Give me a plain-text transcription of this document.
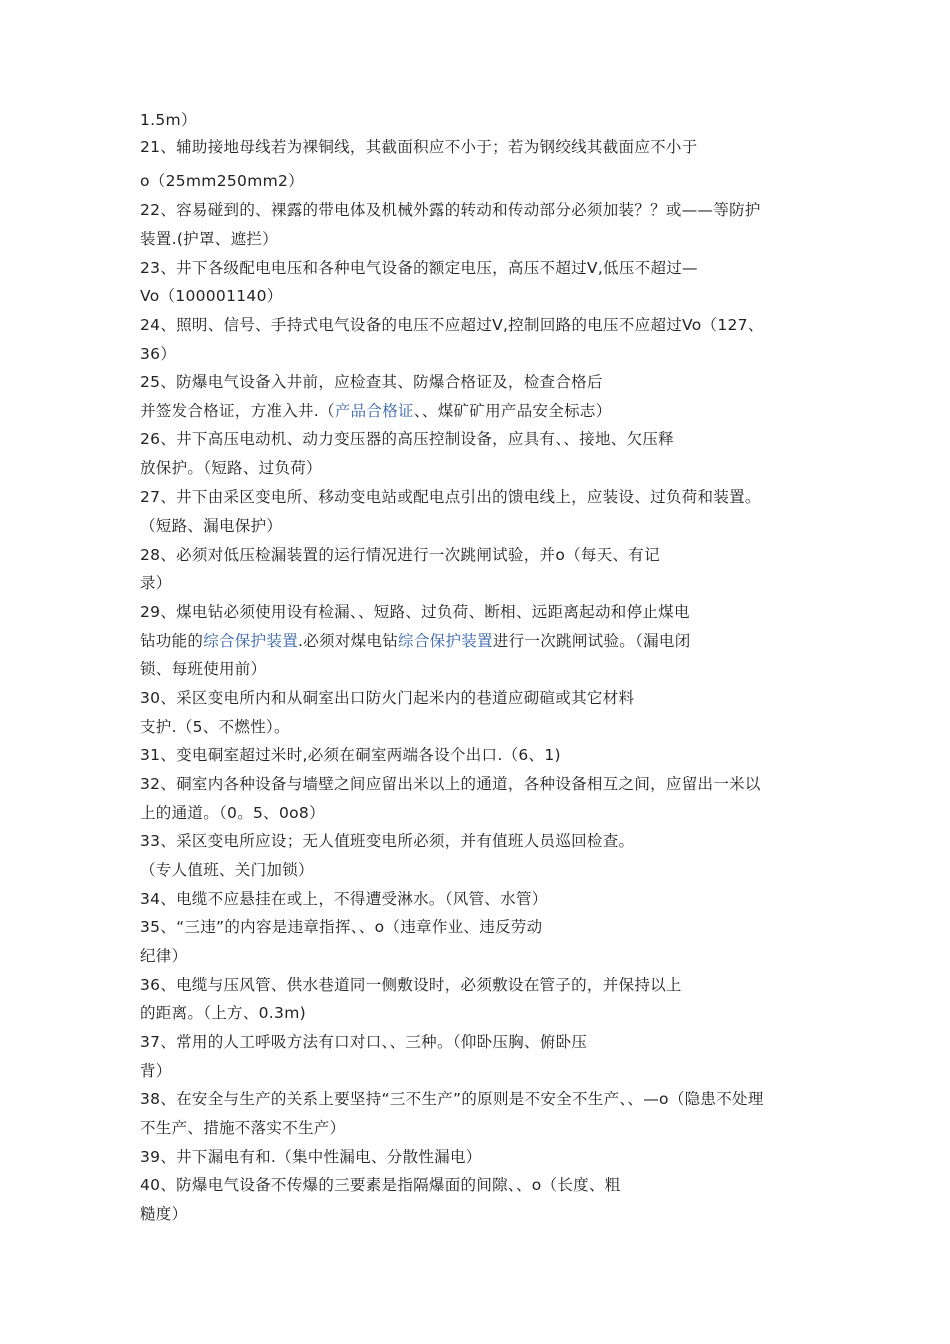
1.5m）
21、辅助接地母线若为裸铜线，其截面积应不小于；若为钢绞线其截面应不小于
o（25mm250mm2）
22、容易碰到的、裸露的带电体及机械外露的转动和传动部分必须加装？？或——等防护
装置.(护罩、遮拦）
23、井下各级配电电压和各种电气设备的额定电压，高压不超过V,低压不超过—
Vo（100001140）
24、照明、信号、手持式电气设备的电压不应超过V,控制回路的电压不应超过Vo（127、
36）
25、防爆电气设备入井前，应检查其、防爆合格证及，检查合格后
并签发合格证，方准入井.（产品合格证、、煤矿矿用产品安全标志）
26、井下高压电动机、动力变压器的高压控制设备，应具有、、接地、欠压释
放保护。（短路、过负荷）
27、井下由采区变电所、移动变电站或配电点引出的馈电线上，应装设、过负荷和装置。
（短路、漏电保护）
28、必须对低压检漏装置的运行情况进行一次跳闸试验，并o（每天、有记
录）
29、煤电钻必须使用设有检漏、、短路、过负荷、断相、远距离起动和停止煤电
钻功能的综合保护装置.必须对煤电钻综合保护装置进行一次跳闸试验。（漏电闭
锁、每班使用前）
30、采区变电所内和从硐室出口防火门起米内的巷道应砌碹或其它材料
支护.（5、不燃性）。
31、变电硐室超过米时,必须在硐室两端各设个出口.（6、1)
32、硐室内各种设备与墙壁之间应留出米以上的通道，各种设备相互之间，应留出一米以
上的通道。（0。5、0o8）
33、采区变电所应设；无人值班变电所必须，并有值班人员巡回检查。
（专人值班、关门加锁）
34、电缆不应悬挂在或上，不得遭受淋水。（风管、水管）
35、“三违”的内容是违章指挥、、o（违章作业、违反劳动
纪律）
36、电缆与压风管、供水巷道同一侧敷设时，必须敷设在管子的，并保持以上
的距离。（上方、0.3m)
37、常用的人工呼吸方法有口对口、、三种。（仰卧压胸、俯卧压
背）
38、在安全与生产的关系上要坚持“三不生产”的原则是不安全不生产、、—o（隐患不处理
不生产、措施不落实不生产）
39、井下漏电有和.（集中性漏电、分散性漏电）
40、防爆电气设备不传爆的三要素是指隔爆面的间隙、、o（长度、粗
糙度）
